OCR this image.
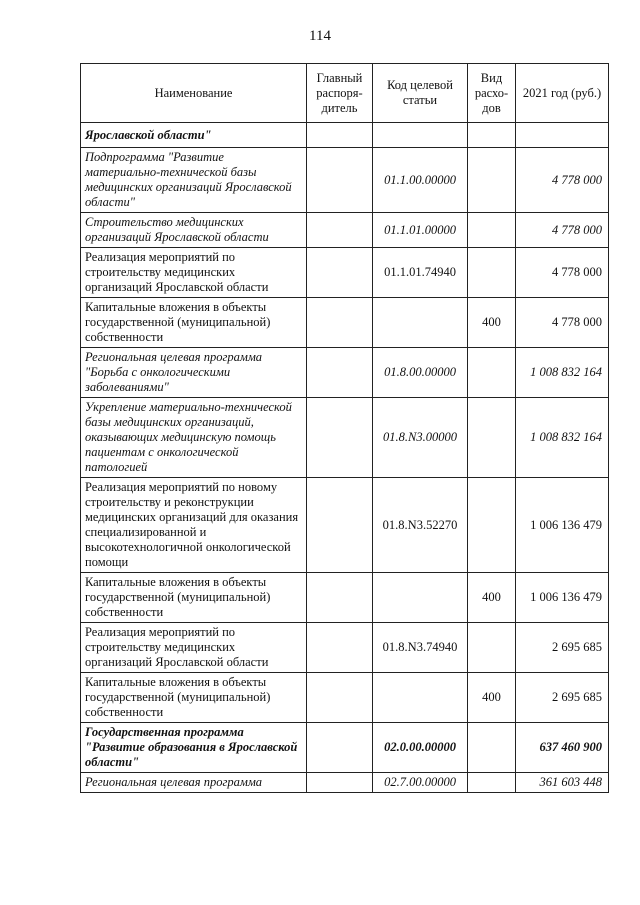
114
Наименование	Главный распоря-дитель	Код целевой статьи	Вид расхо-дов	2021 год (руб.)
Ярославской области"				
Подпрограмма "Развитие материально-технической базы медицинских организаций Ярославской области"		01.1.00.00000		4 778 000
Строительство медицинских организаций Ярославской области		01.1.01.00000		4 778 000
Реализация мероприятий по строительству медицинских организаций Ярославской области		01.1.01.74940		4 778 000
Капитальные вложения в объекты государственной (муниципальной) собственности			400	4 778 000
Региональная целевая программа "Борьба с онкологическими заболеваниями"		01.8.00.00000		1 008 832 164
Укрепление материально-технической базы медицинских организаций, оказывающих медицинскую помощь пациентам с онкологической патологией		01.8.N3.00000		1 008 832 164
Реализация мероприятий по новому строительству и реконструкции медицинских организаций для оказания специализированной и высокотехнологичной онкологической помощи		01.8.N3.52270		1 006 136 479
Капитальные вложения в объекты государственной (муниципальной) собственности			400	1 006 136 479
Реализация мероприятий по строительству медицинских организаций Ярославской области		01.8.N3.74940		2 695 685
Капитальные вложения в объекты государственной (муниципальной) собственности			400	2 695 685
Государственная программа "Развитие образования в Ярославской области"		02.0.00.00000		637 460 900
Региональная целевая программа		02.7.00.00000		361 603 448
